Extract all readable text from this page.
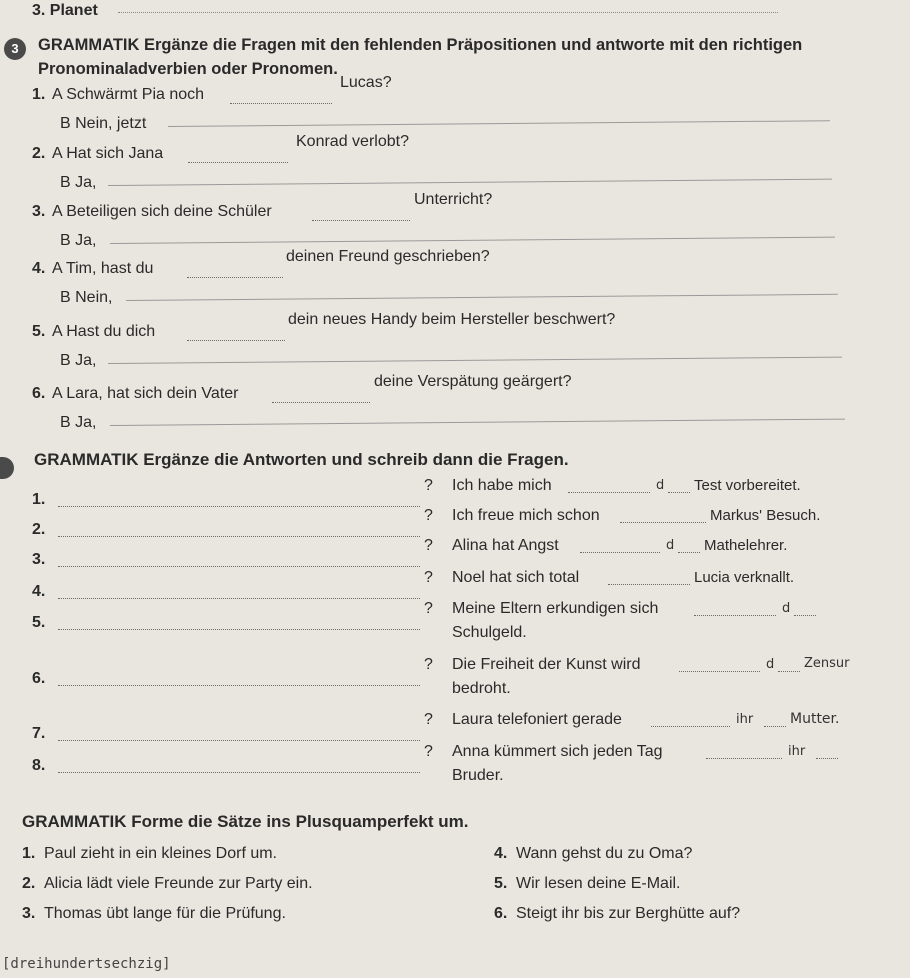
3. Planet
3	GRAMMATIK Ergänze die Fragen mit den fehlenden Präpositionen und antworte mit den richtigen
Pronominaladverbien oder Pronomen.
1. A Schwärmt Pia noch
Lucas?
B Nein, jetzt
2. A Hat sich Jana
Konrad verlobt?
B Ja,
3. A Beteiligen sich deine Schüler
Unterricht?
B Ja,
4. A Tim, hast du
deinen Freund geschrieben?
B Nein,
5. A Hast du dich
dein neues Handy beim Hersteller beschwert?
B Ja,
6. A Lara, hat sich dein Vater
deine Verspätung geärgert?
B Ja,
GRAMMATIK Ergänze die Antworten und schreib dann die Fragen.
1.
? Ich habe mich	d Test vorbereitet.
2.
? Ich freue mich schon	Markus' Besuch.
3.
? Alina hat Angst	d Mathelehrer.
4.
? Noel hat sich total	Lucia verknallt.
5.
? Meine Eltern erkundigen sich	d
Schulgeld.
6.
? Die Freiheit der Kunst wird	d Zensur
bedroht.
7.
? Laura telefoniert gerade	ihr	Mutter.
8.
? Anna kümmert sich jeden Tag	ihr
Bruder.
GRAMMATIK Forme die Sätze ins Plusquamperfekt um.
1. Paul zieht in ein kleines Dorf um.
2. Alicia lädt viele Freunde zur Party ein.
3. Thomas übt lange für die Prüfung.
4. Wann gehst du zu Oma?
5. Wir lesen deine E-Mail.
6. Steigt ihr bis zur Berghütte auf?
[dreihundertsechzig]
